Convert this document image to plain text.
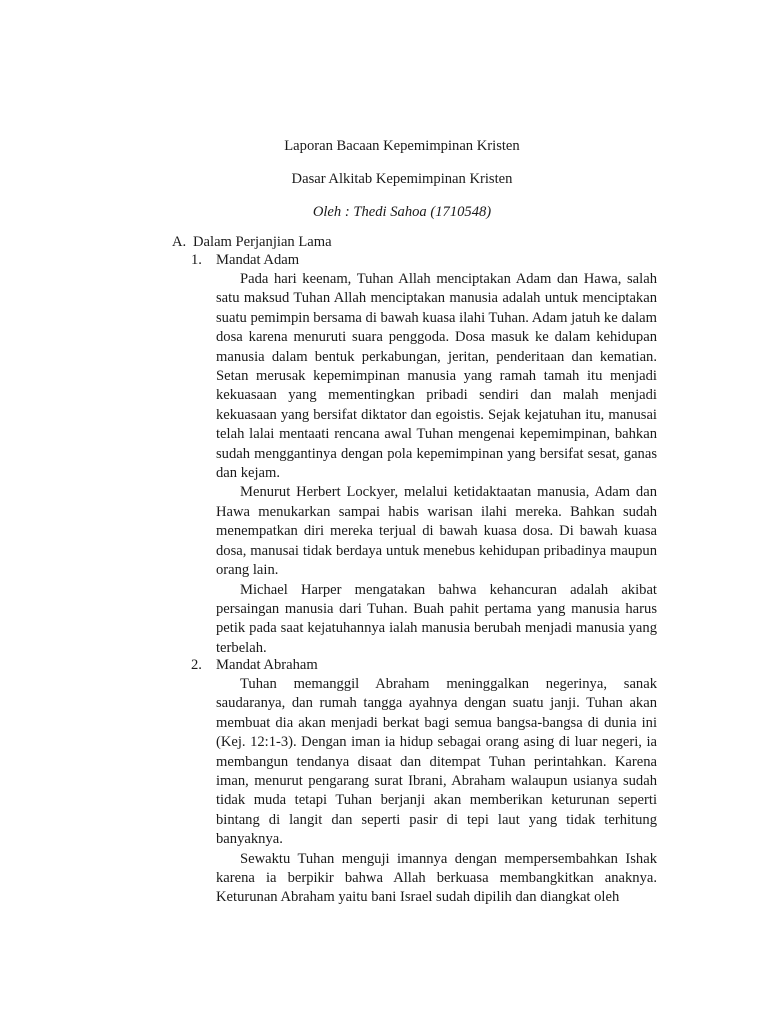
Laporan Bacaan Kepemimpinan Kristen
Dasar Alkitab Kepemimpinan Kristen
Oleh : Thedi Sahoa (1710548)
A. Dalam Perjanjian Lama
1. Mandat Adam

Pada hari keenam, Tuhan Allah menciptakan Adam dan Hawa, salah satu maksud Tuhan Allah menciptakan manusia adalah untuk menciptakan suatu pemimpin bersama di bawah kuasa ilahi Tuhan. Adam jatuh ke dalam dosa karena menuruti suara penggoda. Dosa masuk ke dalam kehidupan manusia dalam bentuk perkabungan, jeritan, penderitaan dan kematian. Setan merusak kepemimpinan manusia yang ramah tamah itu menjadi kekuasaan yang mementingkan pribadi sendiri dan malah menjadi kekuasaan yang bersifat diktator dan egoistis. Sejak kejatuhan itu, manusai telah lalai mentaati rencana awal Tuhan mengenai kepemimpinan, bahkan sudah menggantinya dengan pola kepemimpinan yang bersifat sesat, ganas dan kejam.

Menurut Herbert Lockyer, melalui ketidaktaatan manusia, Adam dan Hawa menukarkan sampai habis warisan ilahi mereka. Bahkan sudah menempatkan diri mereka terjual di bawah kuasa dosa. Di bawah kuasa dosa, manusai tidak berdaya untuk menebus kehidupan pribadinya maupun orang lain.

Michael Harper mengatakan bahwa kehancuran adalah akibat persaingan manusia dari Tuhan. Buah pahit pertama yang manusia harus petik pada saat kejatuhannya ialah manusia berubah menjadi manusia yang terbelah.

2. Mandat Abraham

Tuhan memanggil Abraham meninggalkan negerinya, sanak saudaranya, dan rumah tangga ayahnya dengan suatu janji. Tuhan akan membuat dia akan menjadi berkat bagi semua bangsa-bangsa di dunia ini (Kej. 12:1-3). Dengan iman ia hidup sebagai orang asing di luar negeri, ia membangun tendanya disaat dan ditempat Tuhan perintahkan. Karena iman, menurut pengarang surat Ibrani, Abraham walaupun usianya sudah tidak muda tetapi Tuhan berjanji akan memberikan keturunan seperti bintang di langit dan seperti pasir di tepi laut yang tidak terhitung banyaknya.

Sewaktu Tuhan menguji imannya dengan mempersembahkan Ishak karena ia berpikir bahwa Allah berkuasa membangkitkan anaknya. Keturunan Abraham yaitu bani Israel sudah dipilih dan diangkat oleh
